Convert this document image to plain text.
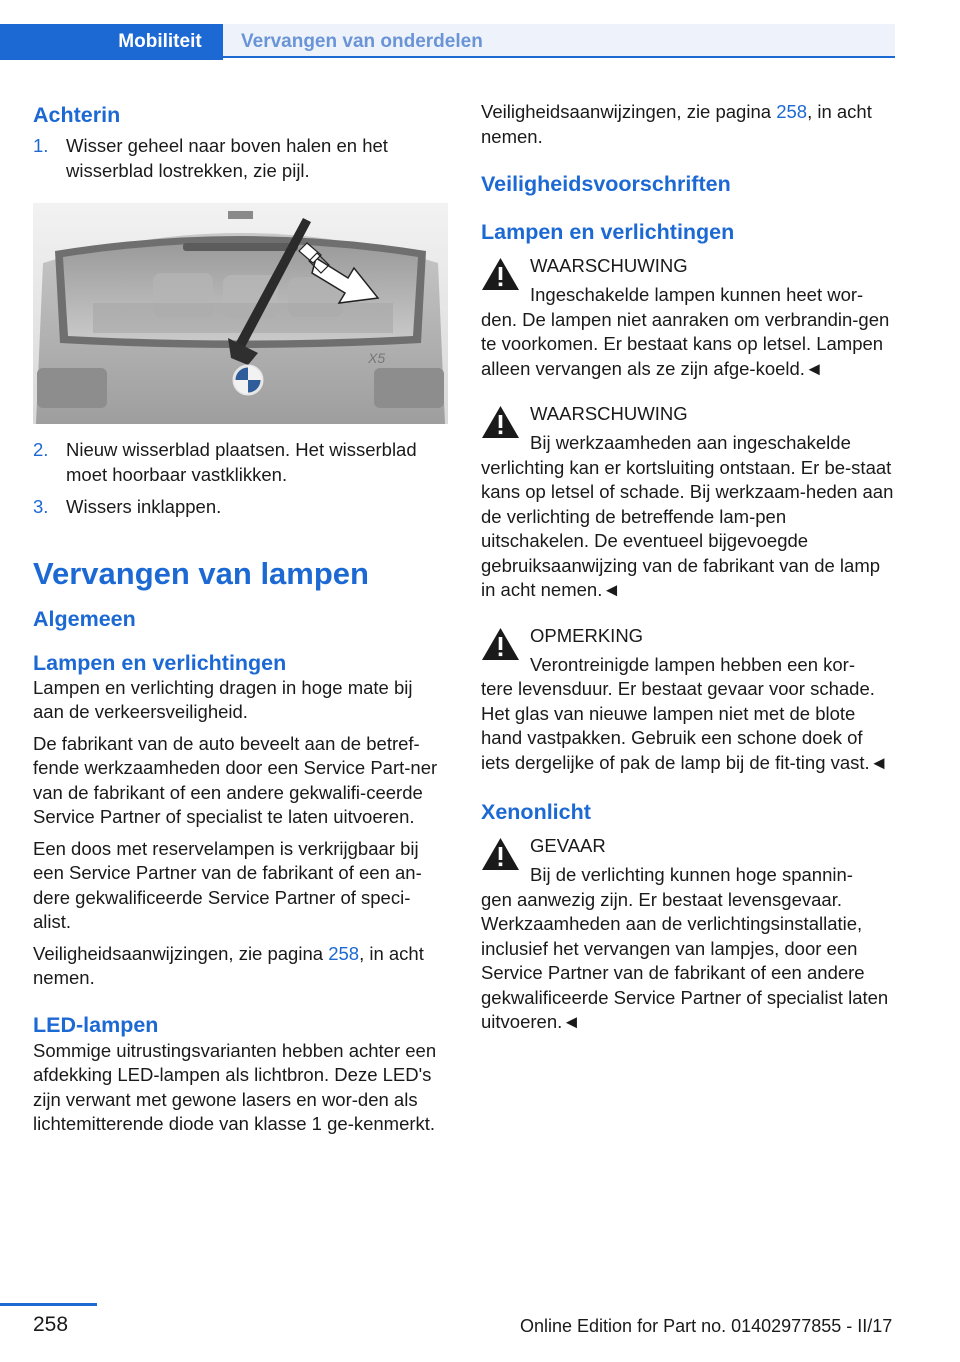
Mobiliteit	Vervangen van onderdelen
Achterin
1. Wisser geheel naar boven halen en het wisserblad lostrekken, zie pijl.
X5
2. Nieuw wisserblad plaatsen. Het wisserblad moet hoorbaar vastklikken.
3. Wissers inklappen.
Vervangen van lampen
Algemeen
Lampen en verlichtingen

Lampen en verlichting dragen in hoge mate bij aan de verkeersveiligheid.

De fabrikant van de auto beveelt aan de betref‐fende werkzaamheden door een Service Part‐ner van de fabrikant of een andere gekwalifi‐ceerde Service Partner of specialist te laten uitvoeren.

Een doos met reservelampen is verkrijgbaar bij een Service Partner van de fabrikant of een an‐dere gekwalificeerde Service Partner of speci‐alist.

Veiligheidsaanwijzingen, zie pagina 258, in acht nemen.

LED-lampen

Sommige uitrustingsvarianten hebben achter een afdekking LED-lampen als lichtbron. Deze LED's zijn verwant met gewone lasers en wor‐den als lichtemitterende diode van klasse 1 ge‐kenmerkt.

Veiligheidsaanwijzingen, zie pagina 258, in acht nemen.

Veiligheidsvoorschriften
Lampen en verlichtingen
WAARSCHUWING
Ingeschakelde lampen kunnen heet wor‐
den. De lampen niet aanraken om verbrandin‐gen te voorkomen. Er bestaat kans op letsel. Lampen alleen vervangen als ze zijn afge‐koeld.◄
WAARSCHUWING
Bij werkzaamheden aan ingeschakelde
verlichting kan er kortsluiting ontstaan. Er be‐staat kans op letsel of schade. Bij werkzaam‐heden aan de verlichting de betreffende lam‐pen uitschakelen. De eventueel bijgevoegde gebruiksaanwijzing van de fabrikant van de lamp in acht nemen.◄
OPMERKING
Verontreinigde lampen hebben een kor‐
tere levensduur. Er bestaat gevaar voor schade. Het glas van nieuwe lampen niet met de blote hand vastpakken. Gebruik een schone doek of iets dergelijke of pak de lamp bij de fit‐ting vast.◄
Xenonlicht
GEVAAR
Bij de verlichting kunnen hoge spannin‐
gen aanwezig zijn. Er bestaat levensgevaar. Werkzaamheden aan de verlichtingsinstallatie, inclusief het vervangen van lampjes, door een Service Partner van de fabrikant of een andere gekwalificeerde Service Partner of specialist laten uitvoeren.◄
258	Online Edition for Part no. 01402977855 - II/17
